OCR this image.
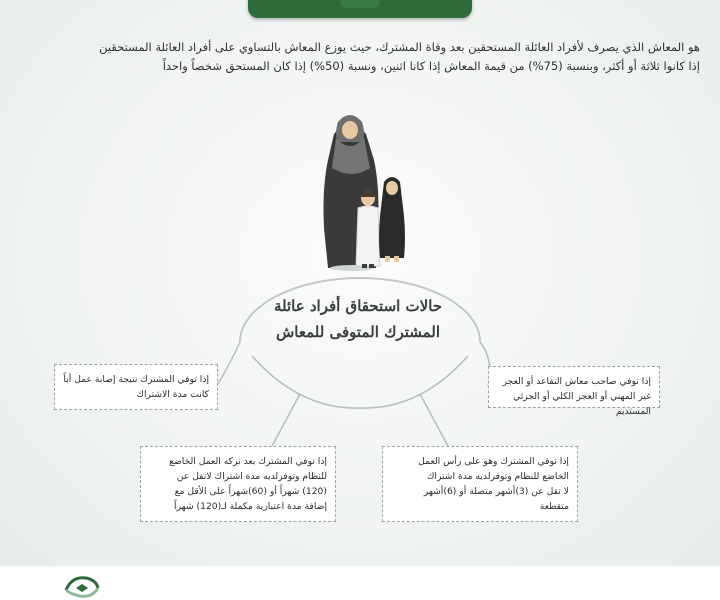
هو المعاش الذي يصرف لأفراد العائلة المستحقين بعد وفاة المشترك، حيث يوزع المعاش بالتساوي على أفراد العائلة المستحقين

إذا كانوا ثلاثة أو أكثر، وبنسبة (75%) من قيمة المعاش إذا كانا اثنين، ونسبة (50%) إذا كان المستحق شخصاً واحداً

حالات استحقاق أفراد عائلة
المشترك المتوفى للمعاش

إذا توفي المشترك نتيجة إصابة عمل أياً

كانت مدة الاشتراك

إذا توفي صاحب معاش التقاعد أو العجز

غير المهني أو العجز الكلي أو الجزئي المستديم

إذا توفي المشترك بعد تركه العمل الخاضع

للنظام وتوفرلديه مدة اشتراك لاتقل عن

(120) شهراً أو (60)شهراً على الأقل مع

إضافة مدة اعتبارية مكملة لـ(120) شهراً

إذا توفي المشترك وهو على رأس العمل

الخاضع للنظام وتوفرلديه مدة اشتراك

لا تقل عن (3)أشهر متصلة أو (6)أشهر

متقطعة
